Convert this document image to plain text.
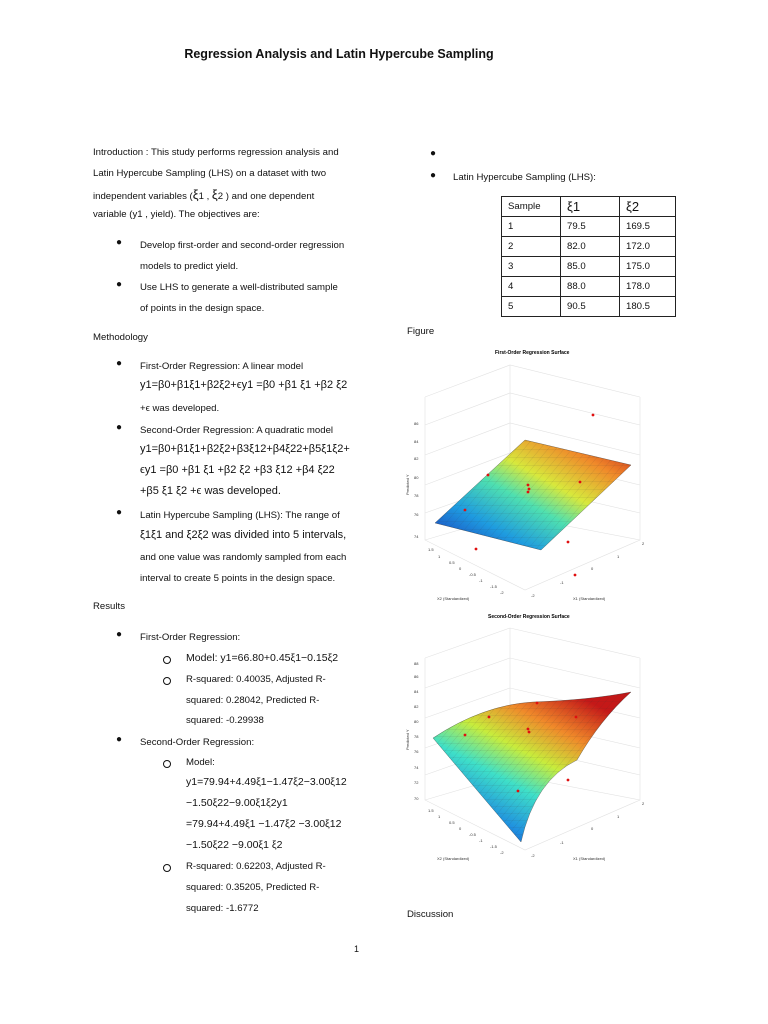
Regression Analysis and Latin Hypercube Sampling
Introduction : This study performs regression analysis and
Latin Hypercube Sampling (LHS) on a dataset with two
independent variables (ξ1 , ξ2 ) and one dependent
variable (y1 , yield). The objectives are:
● Develop first-order and second-order regression
models to predict yield.
● Use LHS to generate a well-distributed sample
of points in the design space.
Methodology
● First-Order Regression: A linear model
y1=β0+β1ξ1+β2ξ2+ϵy1 =β0 +β1 ξ1 +β2 ξ2
+ϵ was developed.
● Second-Order Regression: A quadratic model
y1=β0+β1ξ1+β2ξ2+β3ξ12+β4ξ22+β5ξ1ξ2+
ϵy1 =β0 +β1 ξ1 +β2 ξ2 +β3 ξ12 +β4 ξ22
+β5 ξ1 ξ2 +ϵ was developed.
● Latin Hypercube Sampling (LHS): The range of
ξ1ξ1 and ξ2ξ2 was divided into 5 intervals,
and one value was randomly sampled from each
interval to create 5 points in the design space.
Results
● First-Order Regression:
Model: y1=66.80+0.45ξ1−0.15ξ2
R-squared: 0.40035, Adjusted R-
squared: 0.28042, Predicted R-
squared: -0.29938
● Second-Order Regression:
Model:
y1=79.94+4.49ξ1−1.47ξ2−3.00ξ12
−1.50ξ22−9.00ξ1ξ2y1
=79.94+4.49ξ1 −1.47ξ2 −3.00ξ12
−1.50ξ22 −9.00ξ1 ξ2
R-squared: 0.62203, Adjusted R-
squared: 0.35205, Predicted R-
squared: -1.6772
●
● Latin Hypercube Sampling (LHS):
Sample	ξ1	ξ2
1	79.5	169.5
2	82.0	172.0
3	85.0	175.0
4	88.0	178.0
5	90.5	180.5
Figure
First-Order Regression Surface
74
76
78
80
82
84
86
Predicted Y
1.5
1
0.5
0
-0.5
-1
-1.5
-2
X2 (Standardized)
-2
-1
0
1
2
X1 (Standardized)
Second-Order Regression Surface
70
72
74
76
78
80
82
84
86
88
Predicted Y
1.5
1
0.5
0
-0.5
-1
-1.5
-2
X2 (Standardized)
-2
-1
0
1
2
X1 (Standardized)
Discussion
1
